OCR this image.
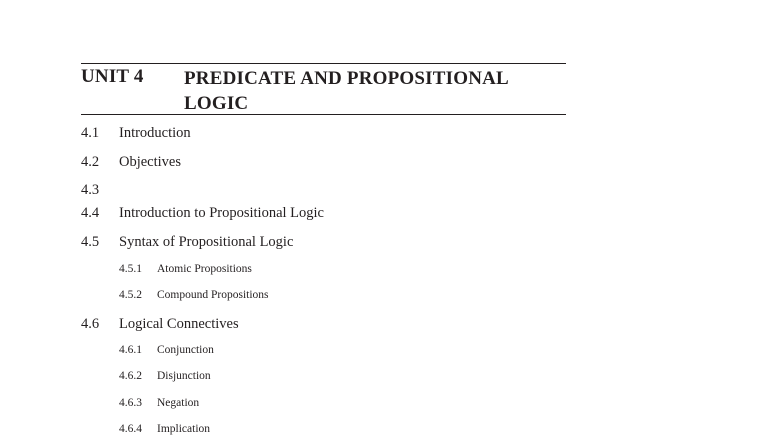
UNIT 4 PREDICATE AND PROPOSITIONAL LOGIC
4.1 Introduction
4.2 Objectives
4.3
4.4 Introduction to Propositional Logic
4.5 Syntax of Propositional Logic
4.5.1 Atomic Propositions
4.5.2 Compound Propositions
4.6 Logical Connectives
4.6.1 Conjunction
4.6.2 Disjunction
4.6.3 Negation
4.6.4 Implication
